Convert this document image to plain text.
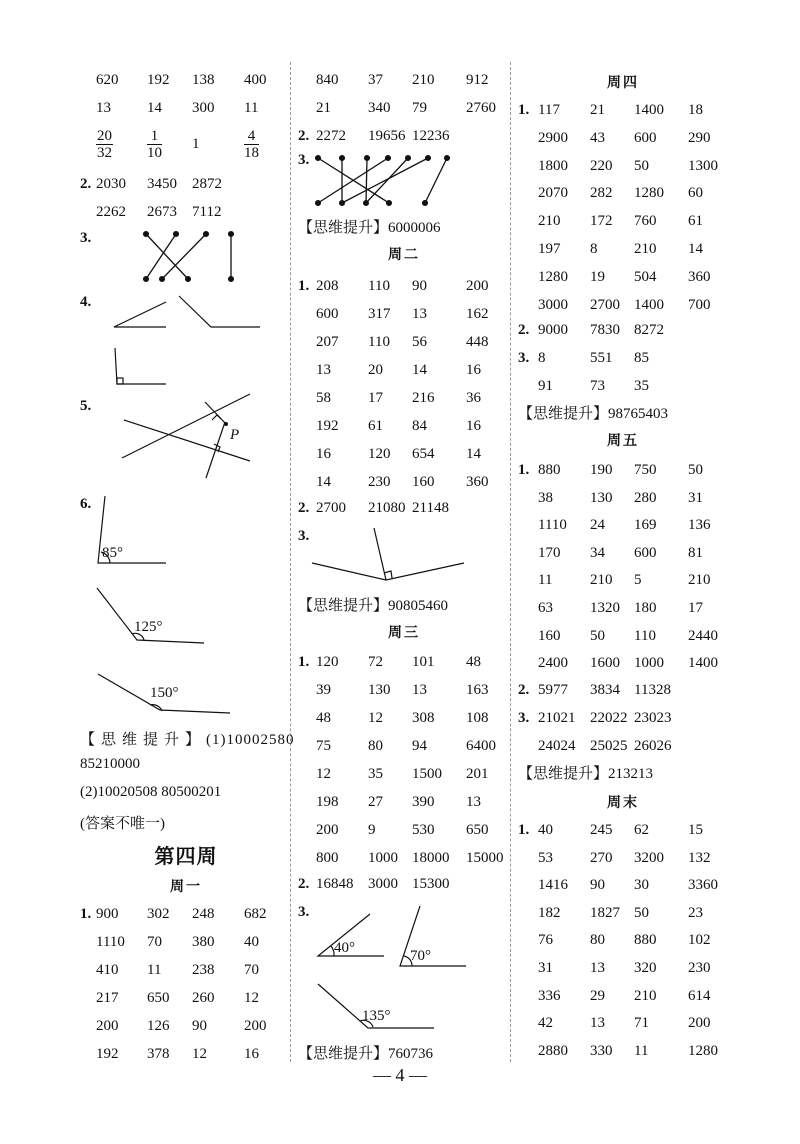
620 192 138 400
13 14 300 11
$\frac{20}{32} \frac{1}{10} 1$	$\frac{4}{18}$
2. 2030 3450 2872
2262 2673 7112
3.
4.
5.
P
6.
85°
125°
150°
【思维提升】(1)10002580
85210000
(2)10020508 80500201
(答案不唯一)
第四周
周一
1. 900 302 248 682
1110 70 380 40
410 11 238 70
217 650 260 12
200 126 90 200
192 378 12 16
840 37 210 912
21 340 79	2760
2. 2272 19656 12236
3.
【思维提升】6000006
周二
1. 208 110 90	200
600 317 13	162
207 110 56	448
13 20 14	16
58 17 216 36
192 61 84	16
16 120 654 14
14 230 160 360
2. 2700 21080 21148
3.
【思维提升】90805460
周三
1. 120 72 101 48
39 130 13	163
48 12 308 108
75 80 94	6400
12 35 1500 201
198 27 390 13
200 9 530 650
800 1000 18000 15000
2. 16848 3000 15300
3.
40°	70°
135°
【思维提升】760736
周四
1. 117 21 1400 18
2900 43 600 290
1800 220 50	1300
2070 282 1280 60
210 172 760 61
197 8 210 14
1280 19 504 360
3000 2700 1400 700
2. 9000 7830 8272
3. 8	551 85
91 73 35
【思维提升】98765403
周五
1. 880 190 750 50
38 130 280 31
1110 24 169 136
170 34 600 81
11	210 5	210
63 1320 180 17
160 50 110 2440
2400 1600 1000 1400
2. 5977 3834 11328
3. 21021 22022 23023
24024 25025 26026
【思维提升】213213
周末
1. 40 245 62	15
53 270 3200 132
1416 90 30	3360
182 1827 50	23
76 80 880 102
31 13 320 230
336 29 210 614
42 13 71	200
2880 330 11	1280
— 4 —
